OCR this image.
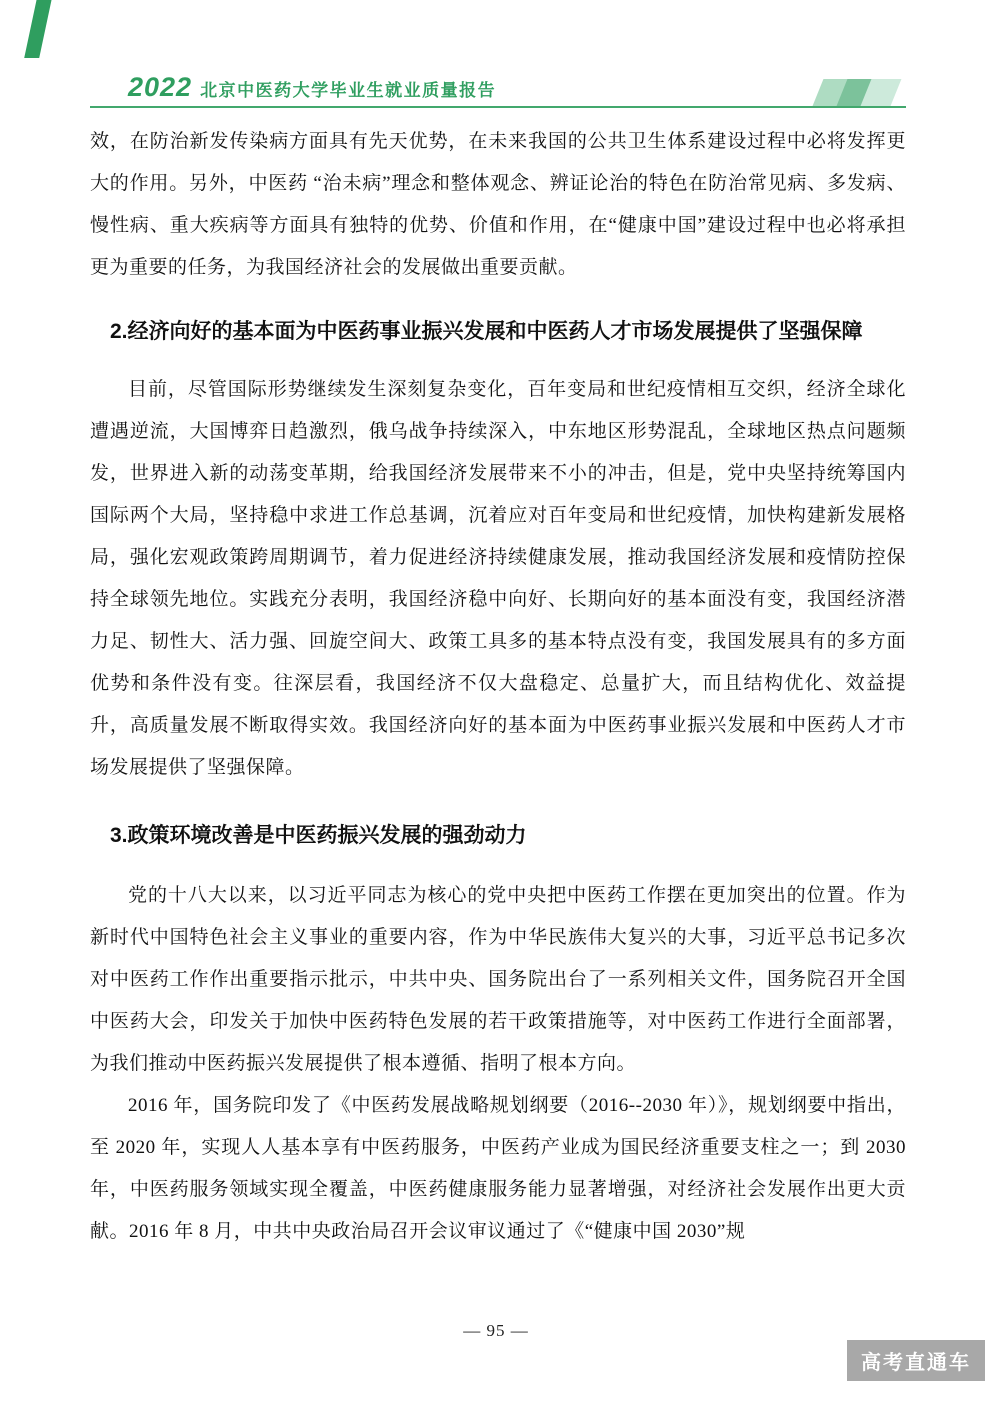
2022 北京中医药大学毕业生就业质量报告

效，在防治新发传染病方面具有先天优势，在未来我国的公共卫生体系建设过程中必将发挥更大的作用。另外，中医药 “治未病”理念和整体观念、辨证论治的特色在防治常见病、多发病、慢性病、重大疾病等方面具有独特的优势、价值和作用，在“健康中国”建设过程中也必将承担更为重要的任务，为我国经济社会的发展做出重要贡献。

2.经济向好的基本面为中医药事业振兴发展和中医药人才市场发展提供了坚强保障

目前，尽管国际形势继续发生深刻复杂变化，百年变局和世纪疫情相互交织，经济全球化遭遇逆流，大国博弈日趋激烈，俄乌战争持续深入，中东地区形势混乱，全球地区热点问题频发，世界进入新的动荡变革期，给我国经济发展带来不小的冲击，但是，党中央坚持统筹国内国际两个大局，坚持稳中求进工作总基调，沉着应对百年变局和世纪疫情，加快构建新发展格局，强化宏观政策跨周期调节，着力促进经济持续健康发展，推动我国经济发展和疫情防控保持全球领先地位。实践充分表明，我国经济稳中向好、长期向好的基本面没有变，我国经济潜力足、韧性大、活力强、回旋空间大、政策工具多的基本特点没有变，我国发展具有的多方面优势和条件没有变。往深层看，我国经济不仅大盘稳定、总量扩大，而且结构优化、效益提升，高质量发展不断取得实效。我国经济向好的基本面为中医药事业振兴发展和中医药人才市场发展提供了坚强保障。

3.政策环境改善是中医药振兴发展的强劲动力

党的十八大以来，以习近平同志为核心的党中央把中医药工作摆在更加突出的位置。作为新时代中国特色社会主义事业的重要内容，作为中华民族伟大复兴的大事，习近平总书记多次对中医药工作作出重要指示批示，中共中央、国务院出台了一系列相关文件，国务院召开全国中医药大会，印发关于加快中医药特色发展的若干政策措施等，对中医药工作进行全面部署，为我们推动中医药振兴发展提供了根本遵循、指明了根本方向。

2016 年，国务院印发了《中医药发展战略规划纲要（2016--2030 年）》，规划纲要中指出，至 2020 年，实现人人基本享有中医药服务，中医药产业成为国民经济重要支柱之一；到 2030 年，中医药服务领域实现全覆盖，中医药健康服务能力显著增强，对经济社会发展作出更大贡献。2016 年 8 月，中共中央政治局召开会议审议通过了《“健康中国 2030”规

— 95 —
高考直通车
